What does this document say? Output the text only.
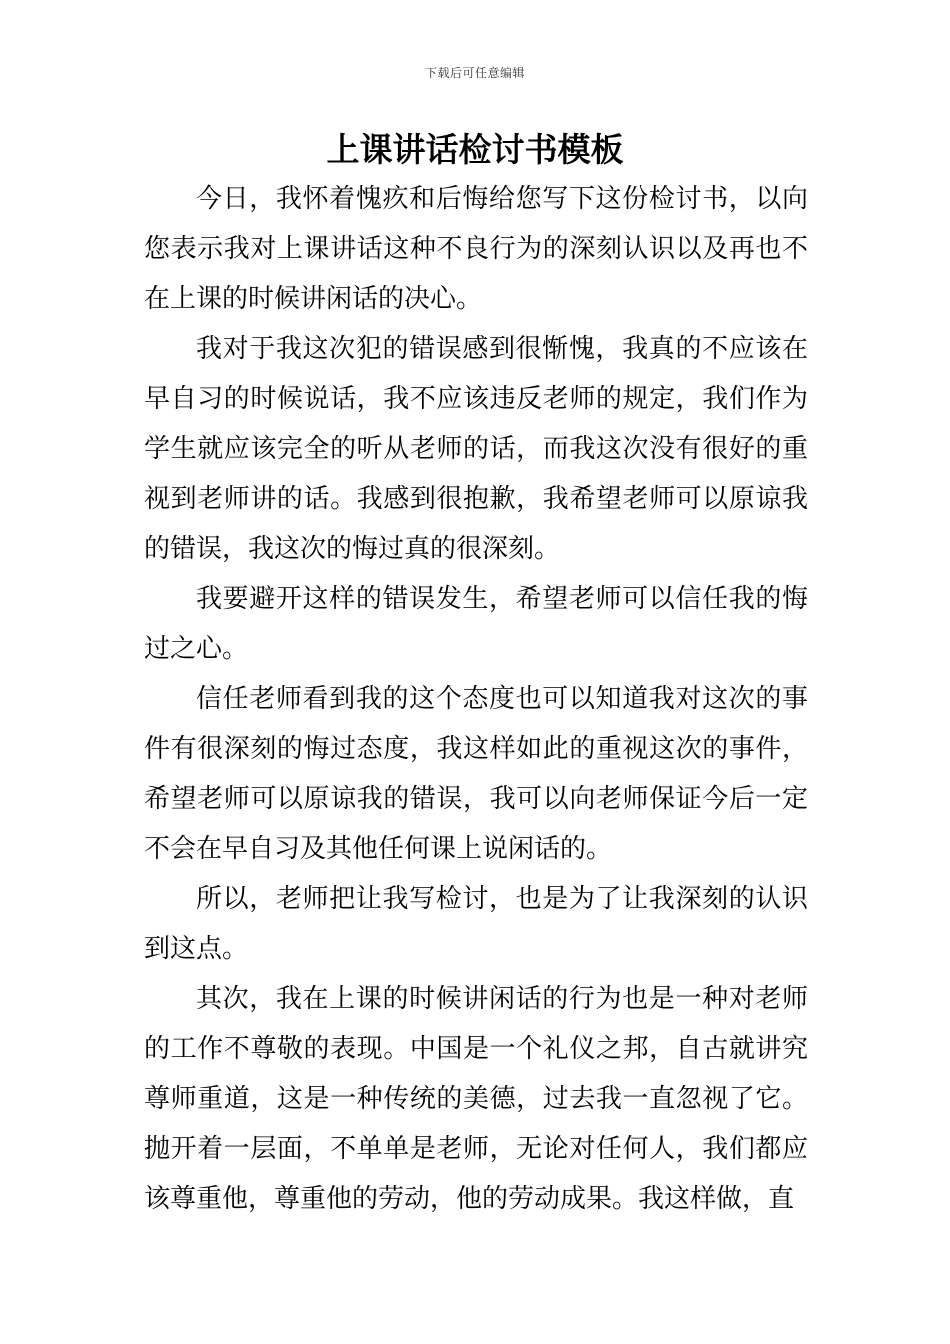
下载后可任意编辑
上课讲话检讨书模板

今日，我怀着愧疚和后悔给您写下这份检讨书，以向您表示我对上课讲话这种不良行为的深刻认识以及再也不在上课的时候讲闲话的决心。

我对于我这次犯的错误感到很惭愧，我真的不应该在早自习的时候说话，我不应该违反老师的规定，我们作为学生就应该完全的听从老师的话，而我这次没有很好的重视到老师讲的话。我感到很抱歉，我希望老师可以原谅我的错误，我这次的悔过真的很深刻。

我要避开这样的错误发生，希望老师可以信任我的悔过之心。

信任老师看到我的这个态度也可以知道我对这次的事件有很深刻的悔过态度，我这样如此的重视这次的事件，希望老师可以原谅我的错误，我可以向老师保证今后一定不会在早自习及其他任何课上说闲话的。

所以，老师把让我写检讨，也是为了让我深刻的认识到这点。

其次，我在上课的时候讲闲话的行为也是一种对老师的工作不尊敬的表现。中国是一个礼仪之邦，自古就讲究尊师重道，这是一种传统的美德，过去我一直忽视了它。抛开着一层面，不单单是老师，无论对任何人，我们都应该尊重他，尊重他的劳动，他的劳动成果。我这样做，直
